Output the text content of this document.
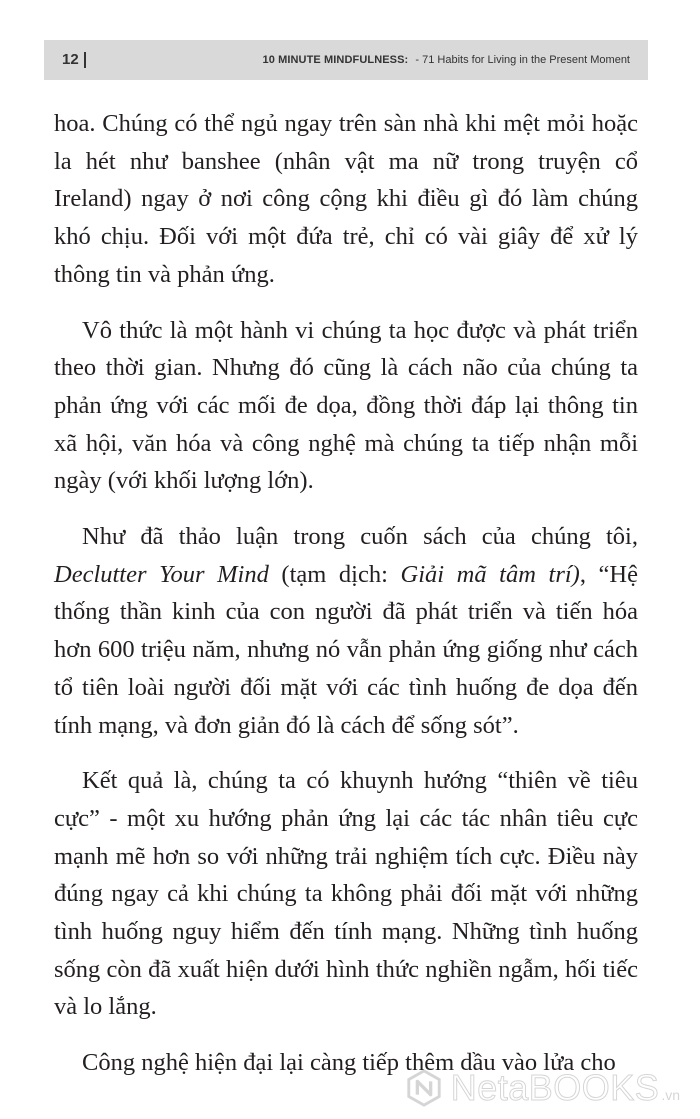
12	10 MINUTE MINDFULNESS: - 71 Habits for Living in the Present Moment

hoa. Chúng có thể ngủ ngay trên sàn nhà khi mệt mỏi hoặc la hét như banshee (nhân vật ma nữ trong truyện cổ Ireland) ngay ở nơi công cộng khi điều gì đó làm chúng khó chịu. Đối với một đứa trẻ, chỉ có vài giây để xử lý thông tin và phản ứng.

Vô thức là một hành vi chúng ta học được và phát triển theo thời gian. Nhưng đó cũng là cách não của chúng ta phản ứng với các mối đe dọa, đồng thời đáp lại thông tin xã hội, văn hóa và công nghệ mà chúng ta tiếp nhận mỗi ngày (với khối lượng lớn).

Như đã thảo luận trong cuốn sách của chúng tôi, Declutter Your Mind (tạm dịch: Giải mã tâm trí), “Hệ thống thần kinh của con người đã phát triển và tiến hóa hơn 600 triệu năm, nhưng nó vẫn phản ứng giống như cách tổ tiên loài người đối mặt với các tình huống đe dọa đến tính mạng, và đơn giản đó là cách để sống sót”.

Kết quả là, chúng ta có khuynh hướng “thiên về tiêu cực” - một xu hướng phản ứng lại các tác nhân tiêu cực mạnh mẽ hơn so với những trải nghiệm tích cực. Điều này đúng ngay cả khi chúng ta không phải đối mặt với những tình huống nguy hiểm đến tính mạng. Những tình huống sống còn đã xuất hiện dưới hình thức nghiền ngẫm, hối tiếc và lo lắng.

Công nghệ hiện đại lại càng tiếp thêm dầu vào lửa cho

NetaBOOKS .vn
